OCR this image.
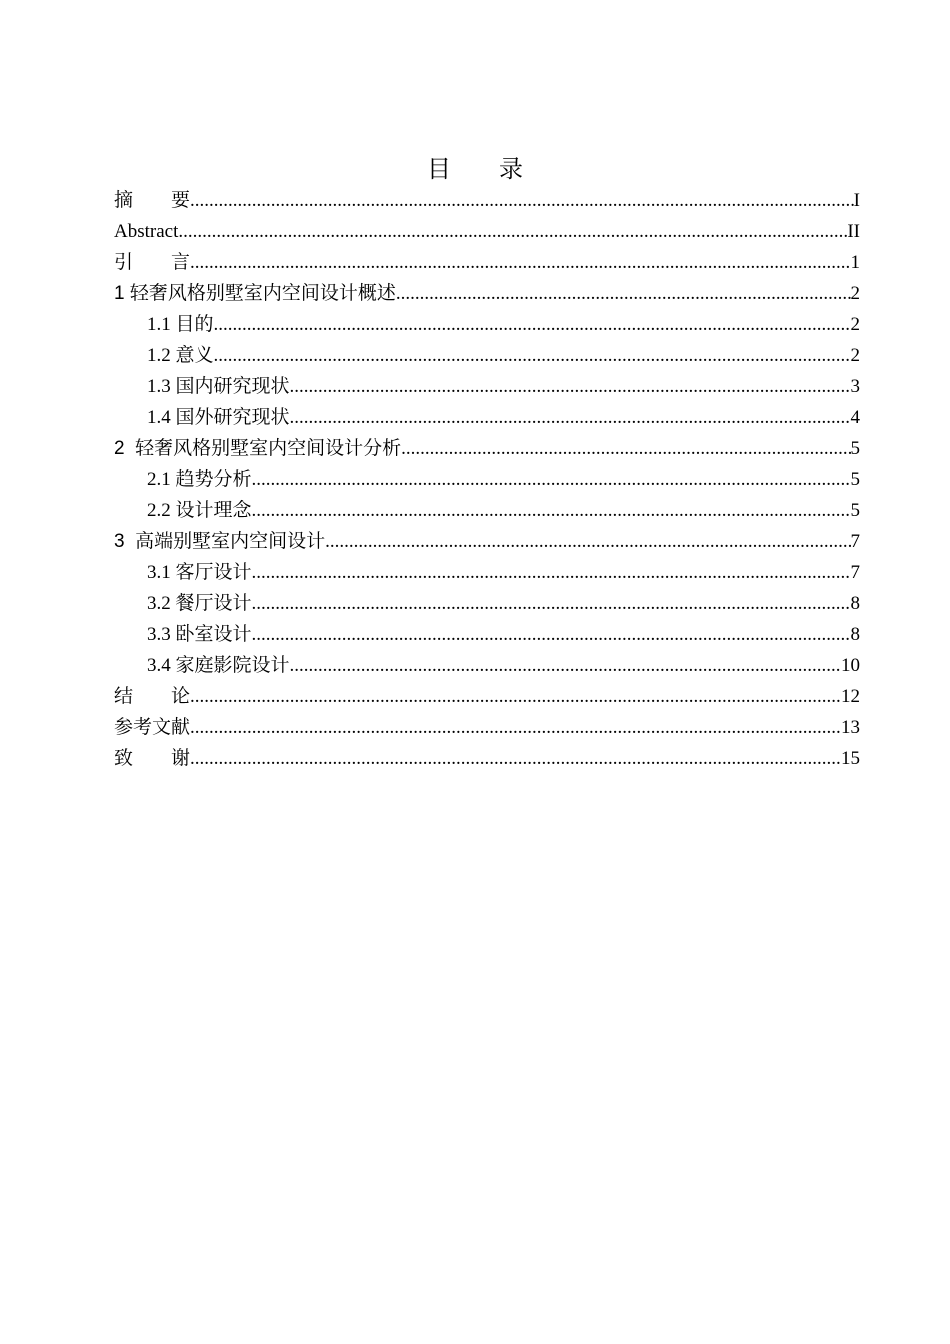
目　　录
摘　　要 .....	I
Abstract .....	II
引　　言 .....	1
1 轻奢风格别墅室内空间设计概述 .....	2
1.1 目的 .....	2
1.2 意义 .....	2
1.3 国内研究现状 .....	3
1.4 国外研究现状 .....	4
2 轻奢风格别墅室内空间设计分析 .....	5
2.1 趋势分析 .....	5
2.2 设计理念 .....	5
3 高端别墅室内空间设计 .....	7
3.1 客厅设计 .....	7
3.2 餐厅设计 .....	8
3.3 卧室设计 .....	8
3.4 家庭影院设计 .....	10
结　　论 .....	12
参考文献 .....	13
致　　谢 .....	15
